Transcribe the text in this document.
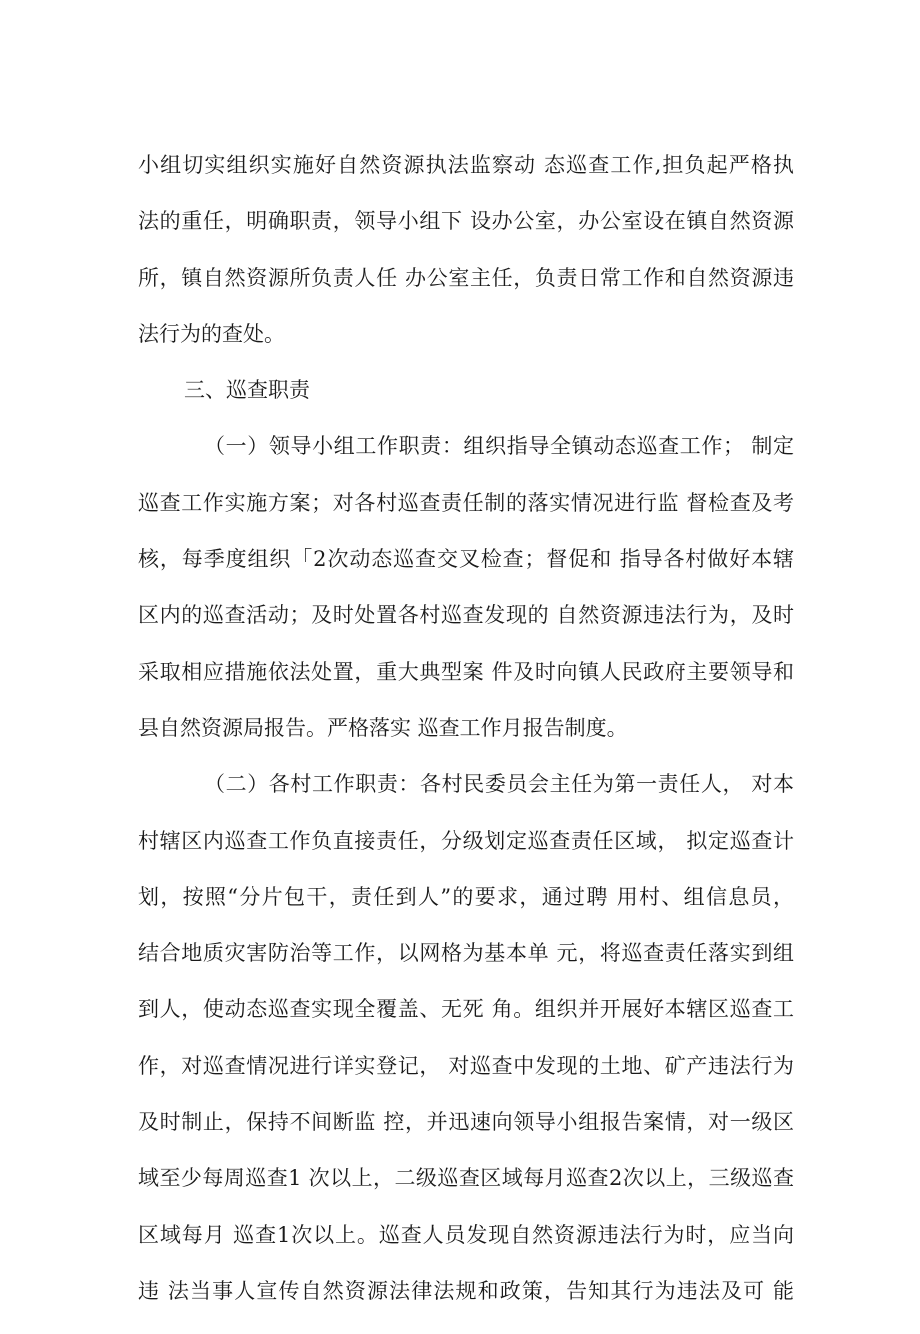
小组切实组织实施好自然资源执法监察动 态巡查工作,担负起严格执
法的重任，明确职责，领导小组下 设办公室，办公室设在镇自然资源
所，镇自然资源所负责人任 办公室主任，负责日常工作和自然资源违
法行为的查处。
三、巡查职责
（一）领导小组工作职责：组织指导全镇动态巡查工作； 制定
巡查工作实施方案；对各村巡查责任制的落实情况进行监 督检查及考
核，每季度组织「2次动态巡查交叉检查；督促和 指导各村做好本辖
区内的巡查活动；及时处置各村巡查发现的 自然资源违法行为，及时
采取相应措施依法处置，重大典型案 件及时向镇人民政府主要领导和
县自然资源局报告。严格落实 巡查工作月报告制度。
（二）各村工作职责：各村民委员会主任为第一责任人， 对本
村辖区内巡查工作负直接责任，分级划定巡查责任区域， 拟定巡查计
划，按照“分片包干，责任到人”的要求，通过聘 用村、组信息员，
结合地质灾害防治等工作，以网格为基本单 元，将巡查责任落实到组
到人，使动态巡查实现全覆盖、无死 角。组织并开展好本辖区巡查工
作，对巡查情况进行详实登记， 对巡查中发现的土地、矿产违法行为
及时制止，保持不间断监 控，并迅速向领导小组报告案情，对一级区
域至少每周巡查1 次以上，二级巡查区域每月巡查2次以上，三级巡查
区域每月 巡查1次以上。巡查人员发现自然资源违法行为时，应当向
违 法当事人宣传自然资源法律法规和政策，告知其行为违法及可 能
